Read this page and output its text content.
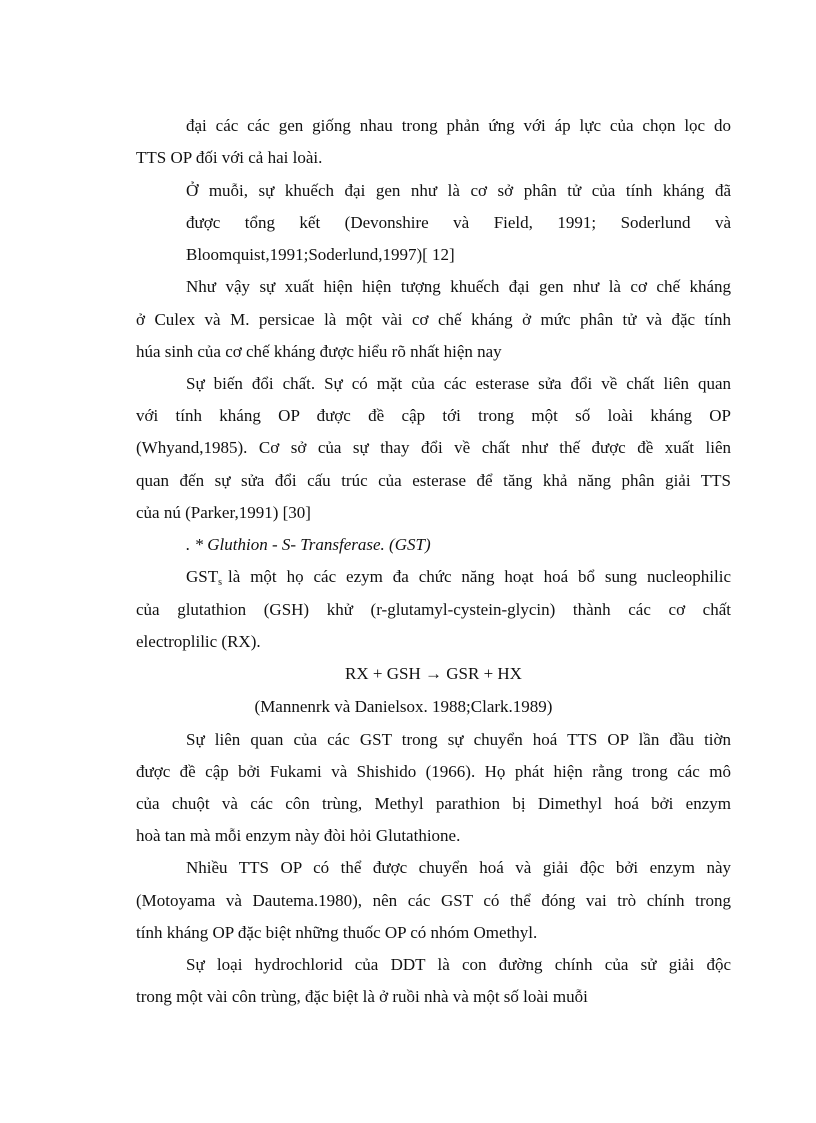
đại các các gen giống nhau trong phản ứng với áp lực của chọn lọc do
TTS OP đối với cả hai loài.
Ở muỗi, sự khuếch đại gen như là cơ sở phân tử của tính kháng đã
được tổng kết (Devonshire và Field, 1991; Soderlund và
Bloomquist,1991;Soderlund,1997)[ 12]
Như vậy sự xuất hiện hiện tượng khuếch đại gen như là cơ chế kháng
ở Culex và M. persicae là một vài cơ chế kháng ở mức phân tử và đặc tính
húa sinh của cơ chế kháng được hiểu rõ nhất hiện nay
Sự biến đổi chất. Sự có mặt của các esterase sửa đổi về chất liên quan
với tính kháng OP được đề cập tới trong một số loài kháng OP
(Whyand,1985). Cơ sở của sự thay đổi về chất như thế được đề xuất liên
quan đến sự sửa đổi cấu trúc của esterase để tăng khả năng phân giải TTS
của nú (Parker,1991) [30]
. * Gluthion - S- Transferase. (GST)
$GST_s$ là một họ các ezym đa chức năng hoạt hoá bổ sung nucleophilic
của glutathion (GSH) khử (r-glutamyl-cystein-glycin) thành các cơ chất
electroplilic (RX).
RX + GSH → GSR + HX
(Mannenrk và Danielsox. 1988;Clark.1989)
Sự liên quan của các GST trong sự chuyển hoá TTS OP lần đầu tiờn
được đề cập bởi Fukami và Shishido (1966). Họ phát hiện rằng trong các mô
của chuột và các côn trùng, Methyl parathion bị Dimethyl hoá bởi enzym
hoà tan mà mỗi enzym này đòi hỏi Glutathione.
Nhiều TTS OP có thể được chuyển hoá và giải độc bởi enzym này
(Motoyama và Dautema.1980), nên các GST có thể đóng vai trò chính trong
tính kháng OP đặc biệt những thuốc OP có nhóm Omethyl.
Sự loại hydrochlorid của DDT là con đường chính của sử giải độc
trong một vài côn trùng, đặc biệt là ở ruồi nhà và một số loài muỗi
